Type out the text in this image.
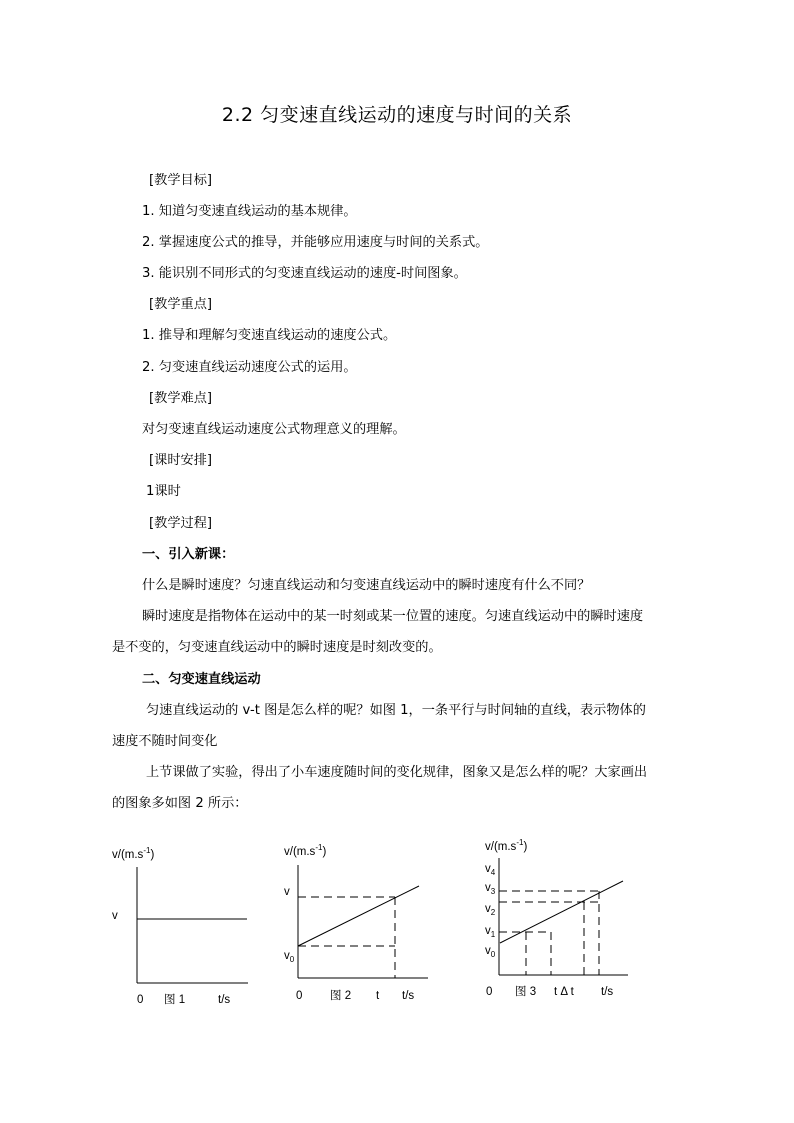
2.2 匀变速直线运动的速度与时间的关系
[教学目标]
1. 知道匀变速直线运动的基本规律。
2. 掌握速度公式的推导，并能够应用速度与时间的关系式。
3. 能识别不同形式的匀变速直线运动的速度-时间图象。
[教学重点]
1. 推导和理解匀变速直线运动的速度公式。
2. 匀变速直线运动速度公式的运用。
[教学难点]
对匀变速直线运动速度公式物理意义的理解。
[课时安排]
1课时
[教学过程]
一、引入新课：
什么是瞬时速度？匀速直线运动和匀变速直线运动中的瞬时速度有什么不同？
瞬时速度是指物体在运动中的某一时刻或某一位置的速度。匀速直线运动中的瞬时速度
是不变的，匀变速直线运动中的瞬时速度是时刻改变的。
二、匀变速直线运动
匀速直线运动的 v-t 图是怎么样的呢？如图 1，一条平行与时间轴的直线，表示物体的
速度不随时间变化
上节课做了实验，得出了小车速度随时间的变化规律，图象又是怎么样的呢？大家画出
的图象多如图 2 所示：
$v/(m.s^{-1})$
v
0 图 1	t/s
$v/(m.s^{-1})$
v
$v_0$
0 图 2 t t/s
$v/(m.s^{-1})$
$v_4$
$v_3$
$v_2$
$v_1$
$v_0$
0 图 3 t Δ t t/s
